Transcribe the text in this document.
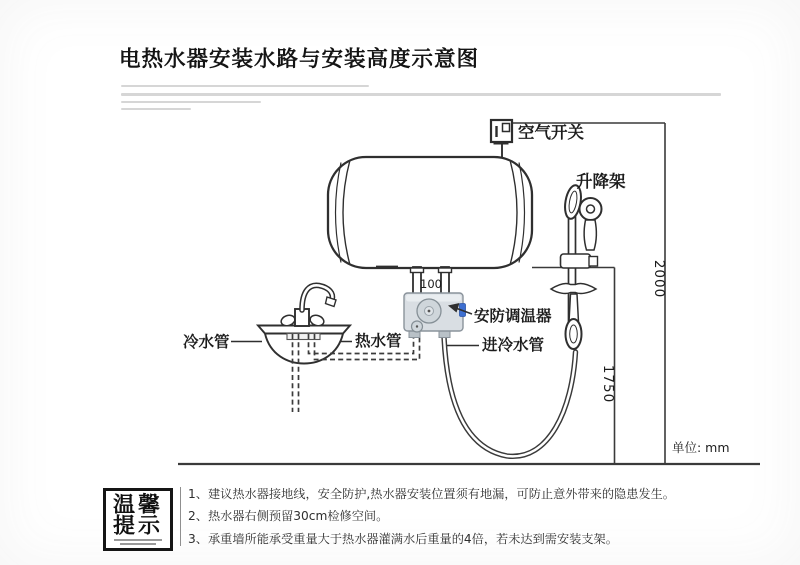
电热水器安装水路与安装高度示意图
100
空气开关
升降架
冷水管	热水管	进冷水管
安防调温器
2000
1750
单位: mm
温馨
提示

1、建议热水器接地线，安全防护,热水器安装位置须有地漏，可防止意外带来的隐患发生。

2、热水器右侧预留30cm检修空间。

3、承重墙所能承受重量大于热水器灌满水后重量的4倍，若未达到需安装支架。
